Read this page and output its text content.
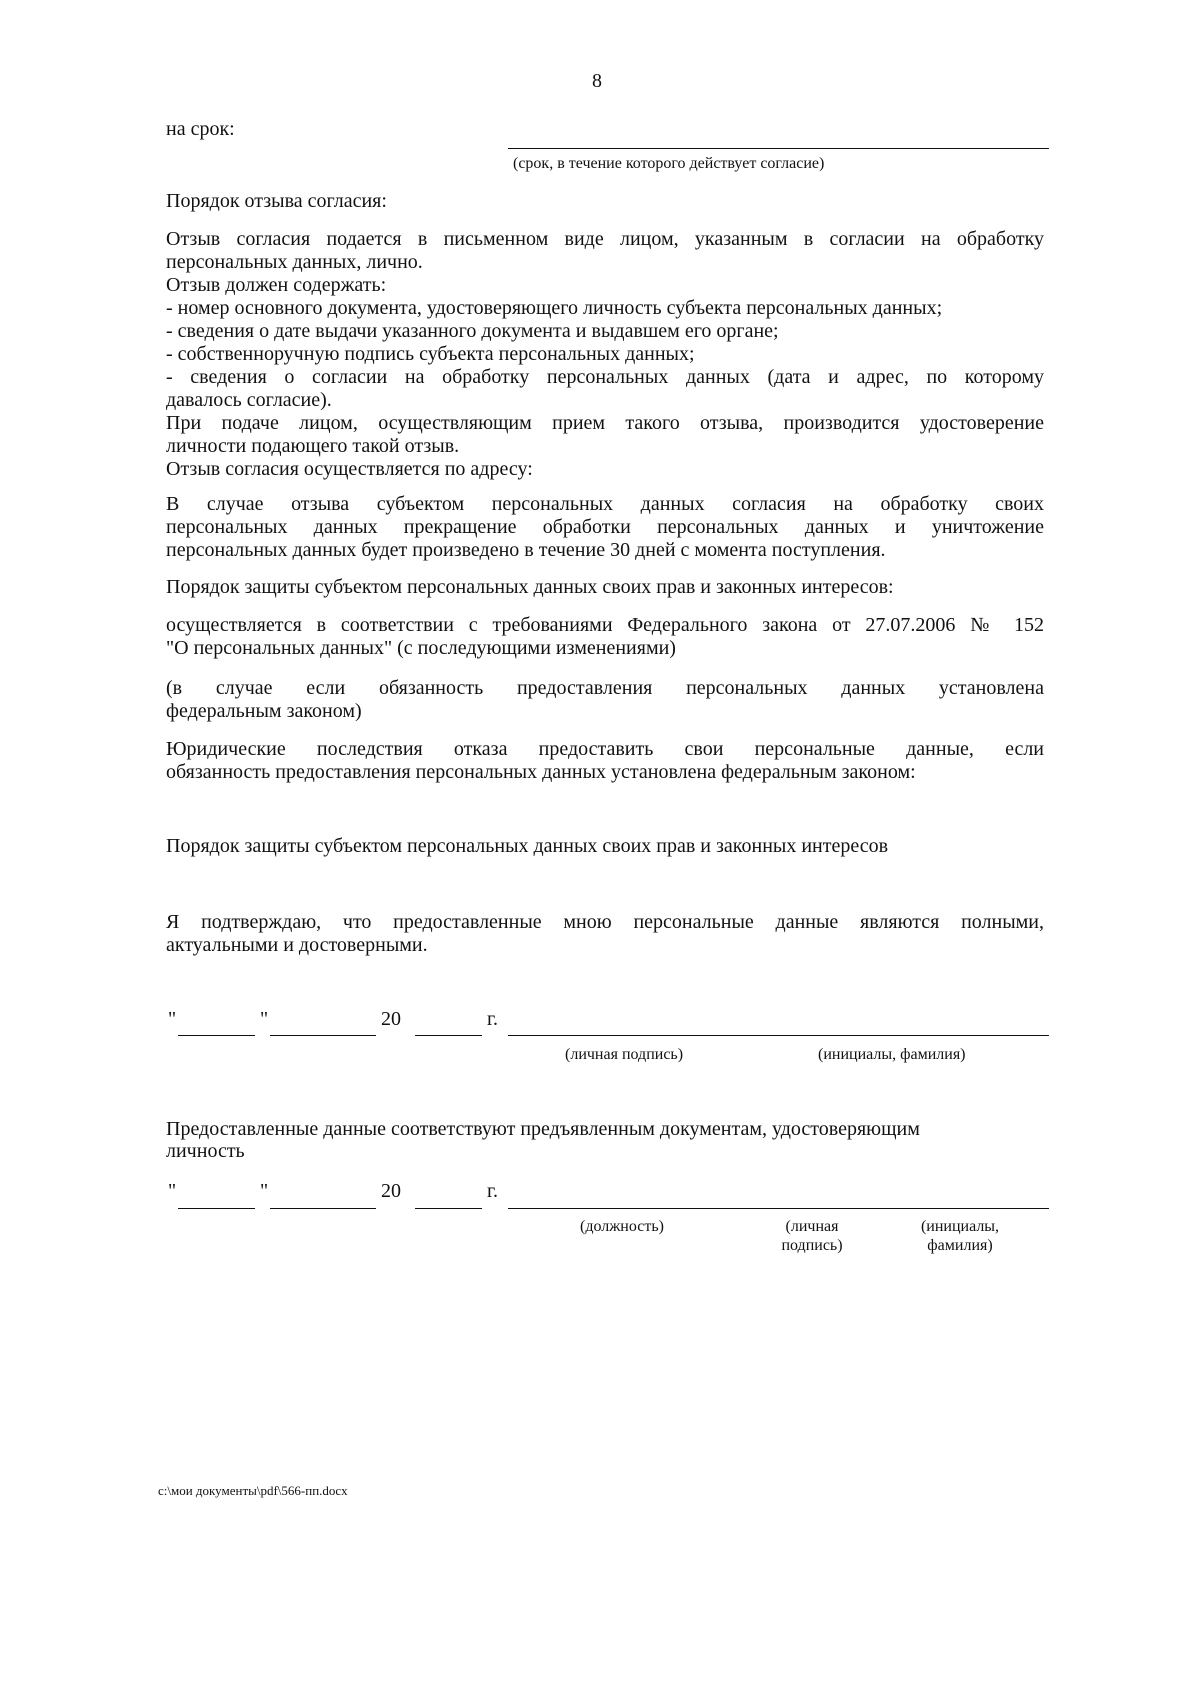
8
на срок:
(срок, в течение которого действует согласие)
Порядок отзыва согласия:
Отзыв согласия подается в письменном виде лицом, указанным в согласии на обработку
персональных данных, лично.
Отзыв должен содержать:
- номер основного документа, удостоверяющего личность субъекта персональных данных;
- сведения о дате выдачи указанного документа и выдавшем его органе;
- собственноручную подпись субъекта персональных данных;
- сведения о согласии на обработку персональных данных (дата и адрес, по которому
давалось согласие).
При подаче лицом, осуществляющим прием такого отзыва, производится удостоверение
личности подающего такой отзыв.
Отзыв согласия осуществляется по адресу:
В случае отзыва субъектом персональных данных согласия на обработку своих
персональных данных прекращение обработки персональных данных и уничтожение
персональных данных будет произведено в течение 30 дней с момента поступления.
Порядок защиты субъектом персональных данных своих прав и законных интересов:
осуществляется в соответствии с требованиями Федерального закона от 27.07.2006 № 152
"О персональных данных" (с последующими изменениями)
(в случае если обязанность предоставления персональных данных установлена
федеральным законом)
Юридические последствия отказа предоставить свои персональные данные, если
обязанность предоставления персональных данных установлена федеральным законом:
Порядок защиты субъектом персональных данных своих прав и законных интересов
Я подтверждаю, что предоставленные мною персональные данные являются полными,
актуальными и достоверными.
"	"	20	г.
(личная подпись)	(инициалы, фамилия)
Предоставленные данные соответствуют предъявленным документам, удостоверяющим
личность
"	"	20	г.
(должность)	(личная
подпись)
(инициалы,
фамилия)
c:\мои документы\pdf\566-пп.docx
